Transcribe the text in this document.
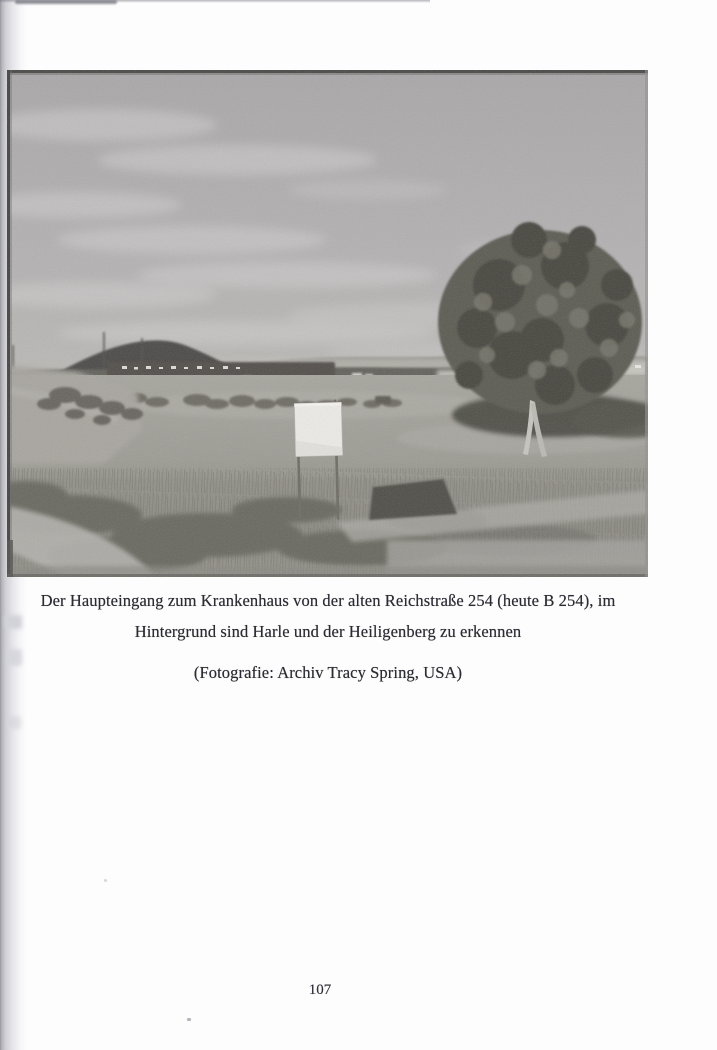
Der Haupteingang zum Krankenhaus von der alten Reichstraße 254 (heute B 254), im
Hintergrund sind Harle und der Heiligenberg zu erkennen
(Fotografie: Archiv Tracy Spring, USA)
107
